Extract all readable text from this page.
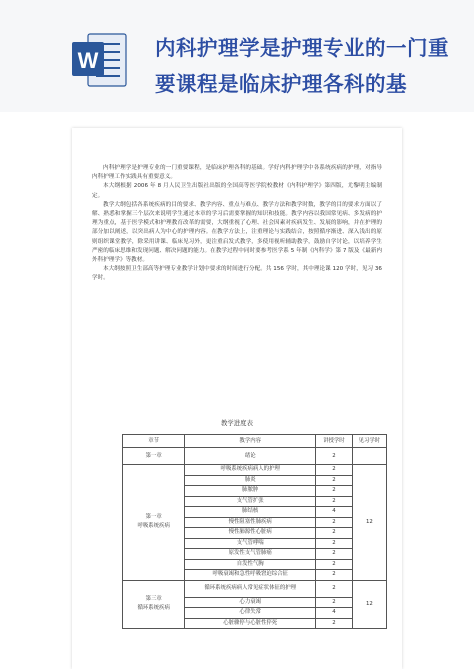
W	内科护理学是护理专业的一门重要课程是临床护理各科的基

内科护理学是护理专业的一门重要课程，是临床护理各科的基础。学好内科护理学中各系统疾病的护理，对指导内科护理工作实践具有重要意义。

本大纲根据 2006 年 8 月人民卫生出版社出版的全国高等医学院校教材《内科护理学》第四版，尤黎明主编制定。

教学大纲包括各系统疾病的目的要求、教学内容、重点与难点、教学方法和教学时数，教学的目的要求方面以了解、熟悉和掌握三个层次来说明学生通过本章的学习后需要掌握的知识和技能。教学内容以我国常见病、多发病的护理为重点，基于医学模式和护理教育改革的需要，大纲重视了心理、社会因素对疾病发生、发展的影响，并在护理的部分加以阐述，以突出病人为中心的护理内容。在教学方法上，注重理论与实践结合，按照循序渐进、深入浅出的原则组织课堂教学，除采用讲课、临床见习外，更注重启发式教学，多使用视听辅助教学，鼓励自学讨论，以培养学生严密的临床思维和发现问题、解决问题的能力。在教学过程中同时要参考医学系 5 年制《内科学》第 7 版及《最新内外科护理学》等教材。

本大纲按照卫生部高等护理专业教学计划中要求的时间进行分配。共 156 学时，其中理论课 120 学时，见习 36 学时。

教学进度表
章节	教学内容	讲授学时	见习学时
第一章	绪论	2	

第一章
呼吸系统疾病	呼吸系统疾病病人的护理	2	12
	肺炎	2	
	肺脓肿	2	
	支气管扩张	2	
	肺结核	4	
	慢性阻塞性肺疾病	2	
	慢性肺源性心脏病	2	
	支气管哮喘	2	
	原发性支气管肺癌	2	
	自发性气胸	2	
	呼吸衰竭和急性呼吸窘迫综合征	2	

第三章
循环系统疾病	循环系统疾病病人常见症状体征的护理	2	12
	心力衰竭	2	
	心律失常	4	
	心脏骤停与心脏性猝死	2	
